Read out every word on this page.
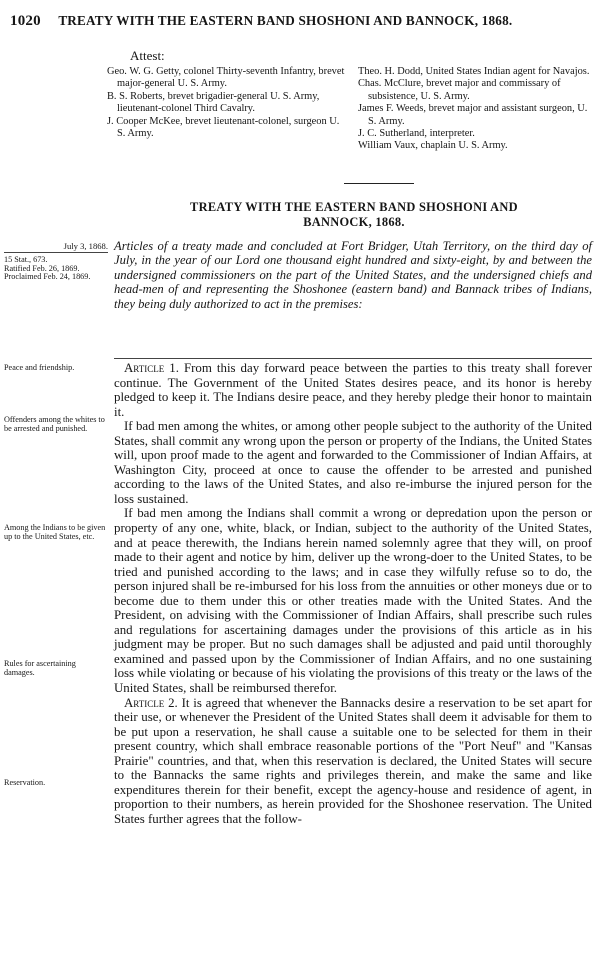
1020 TREATY WITH THE EASTERN BAND SHOSHONI AND BANNOCK, 1868.
Attest:

Geo. W. G. Getty, colonel Thirty-seventh Infantry, brevet major-general U. S. Army.

B. S. Roberts, brevet brigadier-general U. S. Army, lieutenant-colonel Third Cavalry.

J. Cooper McKee, brevet lieutenant-colonel, surgeon U. S. Army.

Theo. H. Dodd, United States Indian agent for Navajos.

Chas. McClure, brevet major and commissary of subsistence, U. S. Army.

James F. Weeds, brevet major and assistant surgeon, U. S. Army.

J. C. Sutherland, interpreter.

William Vaux, chaplain U. S. Army.

TREATY WITH THE EASTERN BAND SHOSHONI AND
BANNOCK, 1868.
July 3, 1868.
15 Stat., 673.
Ratified Feb. 26, 1869.
Proclaimed Feb. 24, 1869.
Peace and friendship.
Offenders among the whites to be arrested and punished.
Among the Indians to be given up to the United States, etc.
Rules for ascertaining damages.
Reservation.
Articles of a treaty made and concluded at Fort Bridger, Utah Territory, on the third day of July, in the year of our Lord one thousand eight hundred and sixty-eight, by and between the undersigned commissioners on the part of the United States, and the undersigned chiefs and head-men of and representing the Shoshonee (eastern band) and Bannack tribes of Indians, they being duly authorized to act in the premises:

Article 1. From this day forward peace between the parties to this treaty shall forever continue. The Government of the United States desires peace, and its honor is hereby pledged to keep it. The Indians desire peace, and they hereby pledge their honor to maintain it.

If bad men among the whites, or among other people subject to the authority of the United States, shall commit any wrong upon the person or property of the Indians, the United States will, upon proof made to the agent and forwarded to the Commissioner of Indian Affairs, at Washington City, proceed at once to cause the offender to be arrested and punished according to the laws of the United States, and also re-imburse the injured person for the loss sustained.

If bad men among the Indians shall commit a wrong or depredation upon the person or property of any one, white, black, or Indian, subject to the authority of the United States, and at peace therewith, the Indians herein named solemnly agree that they will, on proof made to their agent and notice by him, deliver up the wrong-doer to the United States, to be tried and punished according to the laws; and in case they wilfully refuse so to do, the person injured shall be re-imbursed for his loss from the annuities or other moneys due or to become due to them under this or other treaties made with the United States. And the President, on advising with the Commissioner of Indian Affairs, shall prescribe such rules and regulations for ascertaining damages under the provisions of this article as in his judgment may be proper. But no such damages shall be adjusted and paid until thoroughly examined and passed upon by the Commissioner of Indian Affairs, and no one sustaining loss while violating or because of his violating the provisions of this treaty or the laws of the United States, shall be reimbursed therefor.

Article 2. It is agreed that whenever the Bannacks desire a reservation to be set apart for their use, or whenever the President of the United States shall deem it advisable for them to be put upon a reservation, he shall cause a suitable one to be selected for them in their present country, which shall embrace reasonable portions of the "Port Neuf" and "Kansas Prairie" countries, and that, when this reservation is declared, the United States will secure to the Bannacks the same rights and privileges therein, and make the same and like expenditures therein for their benefit, except the agency-house and residence of agent, in proportion to their numbers, as herein provided for the Shoshonee reservation. The United States further agrees that the follow-
